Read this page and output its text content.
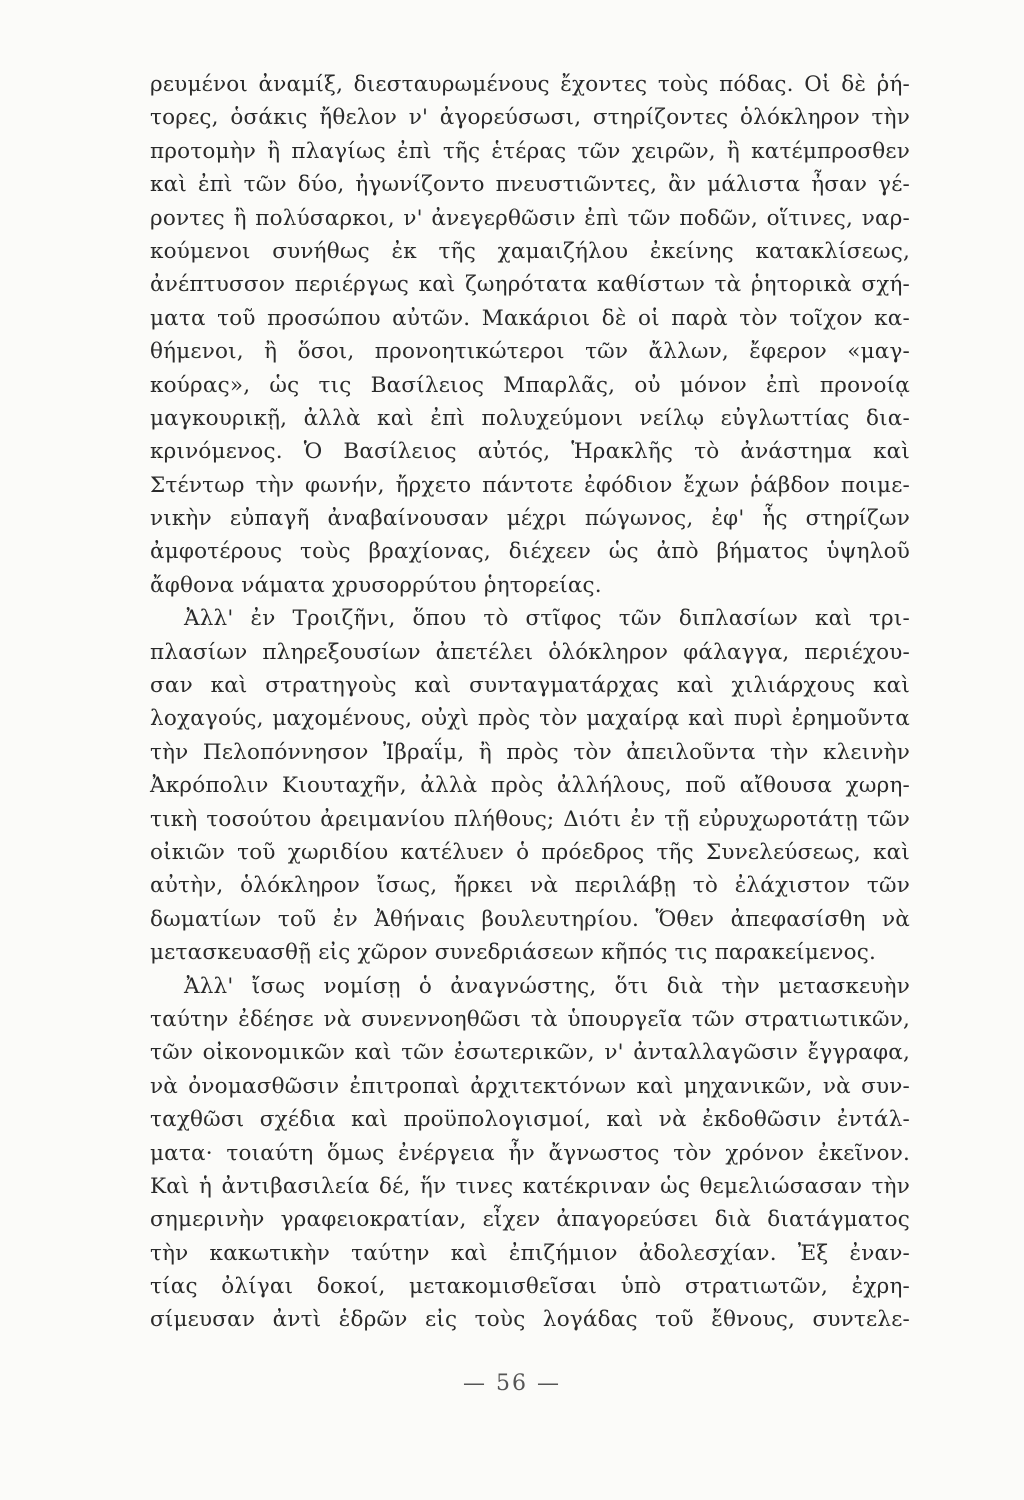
ρευμένοι ἀναμίξ, διεσταυρωμένους ἔχοντες τοὺς πόδας. Οἱ δὲ ῥή-
τορες, ὁσάκις ἤθελον ν' ἀγορεύσωσι, στηρίζοντες ὁλόκληρον τὴν
προτομὴν ἢ πλαγίως ἐπὶ τῆς ἑτέρας τῶν χειρῶν, ἢ κατέμπροσθεν
καὶ ἐπὶ τῶν δύο, ἠγωνίζοντο πνευστιῶντες, ἂν μάλιστα ἦσαν γέ-
ροντες ἢ πολύσαρκοι, ν' ἀνεγερθῶσιν ἐπὶ τῶν ποδῶν, οἵτινες, ναρ-
κούμενοι συνήθως ἐκ τῆς χαμαιζήλου ἐκείνης κατακλίσεως,
ἀνέπτυσσον περιέργως καὶ ζωηρότατα καθίστων τὰ ῥητορικὰ σχή-
ματα τοῦ προσώπου αὐτῶν. Μακάριοι δὲ οἱ παρὰ τὸν τοῖχον κα-
θήμενοι, ἢ ὅσοι, προνοητικώτεροι τῶν ἄλλων, ἔφερον «μαγ-
κούρας», ὡς τις Βασίλειος Μπαρλᾶς, οὐ μόνον ἐπὶ προνοίᾳ
μαγκουρικῇ, ἀλλὰ καὶ ἐπὶ πολυχεύμονι νείλῳ εὐγλωττίας δια-
κρινόμενος. Ὁ Βασίλειος αὐτός, Ἡρακλῆς τὸ ἀνάστημα καὶ
Στέντωρ τὴν φωνήν, ἤρχετο πάντοτε ἐφόδιον ἔχων ῥάβδον ποιμε-
νικὴν εὐπαγῆ ἀναβαίνουσαν μέχρι πώγωνος, ἐφ' ἧς στηρίζων
ἀμφοτέρους τοὺς βραχίονας, διέχεεν ὡς ἀπὸ βήματος ὑψηλοῦ
ἄφθονα νάματα χρυσορρύτου ῥητορείας.
Ἀλλ' ἐν Τροιζῆνι, ὅπου τὸ στῖφος τῶν διπλασίων καὶ τρι-
πλασίων πληρεξουσίων ἀπετέλει ὁλόκληρον φάλαγγα, περιέχου-
σαν καὶ στρατηγοὺς καὶ συνταγματάρχας καὶ χιλιάρχους καὶ
λοχαγούς, μαχομένους, οὐχὶ πρὸς τὸν μαχαίρᾳ καὶ πυρὶ ἐρημοῦντα
τὴν Πελοπόννησον Ἰβραΐμ, ἢ πρὸς τὸν ἀπειλοῦντα τὴν κλεινὴν
Ἀκρόπολιν Κιουταχῆν, ἀλλὰ πρὸς ἀλλήλους, ποῦ αἴθουσα χωρη-
τικὴ τοσούτου ἀρειμανίου πλήθους; Διότι ἐν τῇ εὐρυχωροτάτῃ τῶν
οἰκιῶν τοῦ χωριδίου κατέλυεν ὁ πρόεδρος τῆς Συνελεύσεως, καὶ
αὐτὴν, ὁλόκληρον ἴσως, ἤρκει νὰ περιλάβῃ τὸ ἐλάχιστον τῶν
δωματίων τοῦ ἐν Ἀθήναις βουλευτηρίου. Ὅθεν ἀπεφασίσθη νὰ
μετασκευασθῇ εἰς χῶρον συνεδριάσεων κῆπός τις παρακείμενος.
Ἀλλ' ἴσως νομίσῃ ὁ ἀναγνώστης, ὅτι διὰ τὴν μετασκευὴν
ταύτην ἐδέησε νὰ συνεννοηθῶσι τὰ ὑπουργεῖα τῶν στρατιωτικῶν,
τῶν οἰκονομικῶν καὶ τῶν ἐσωτερικῶν, ν' ἀνταλλαγῶσιν ἔγγραφα,
νὰ ὀνομασθῶσιν ἐπιτροπαὶ ἀρχιτεκτόνων καὶ μηχανικῶν, νὰ συν-
ταχθῶσι σχέδια καὶ προϋπολογισμοί, καὶ νὰ ἐκδοθῶσιν ἐντάλ-
ματα· τοιαύτη ὅμως ἐνέργεια ἦν ἄγνωστος τὸν χρόνον ἐκεῖνον.
Καὶ ἡ ἀντιβασιλεία δέ, ἥν τινες κατέκριναν ὡς θεμελιώσασαν τὴν
σημερινὴν γραφειοκρατίαν, εἶχεν ἀπαγορεύσει διὰ διατάγματος
τὴν κακωτικὴν ταύτην καὶ ἐπιζήμιον ἀδολεσχίαν. Ἐξ ἐναν-
τίας ὀλίγαι δοκοί, μετακομισθεῖσαι ὑπὸ στρατιωτῶν, ἐχρη-
σίμευσαν ἀντὶ ἑδρῶν εἰς τοὺς λογάδας τοῦ ἔθνους, συντελε-
— 56 —
